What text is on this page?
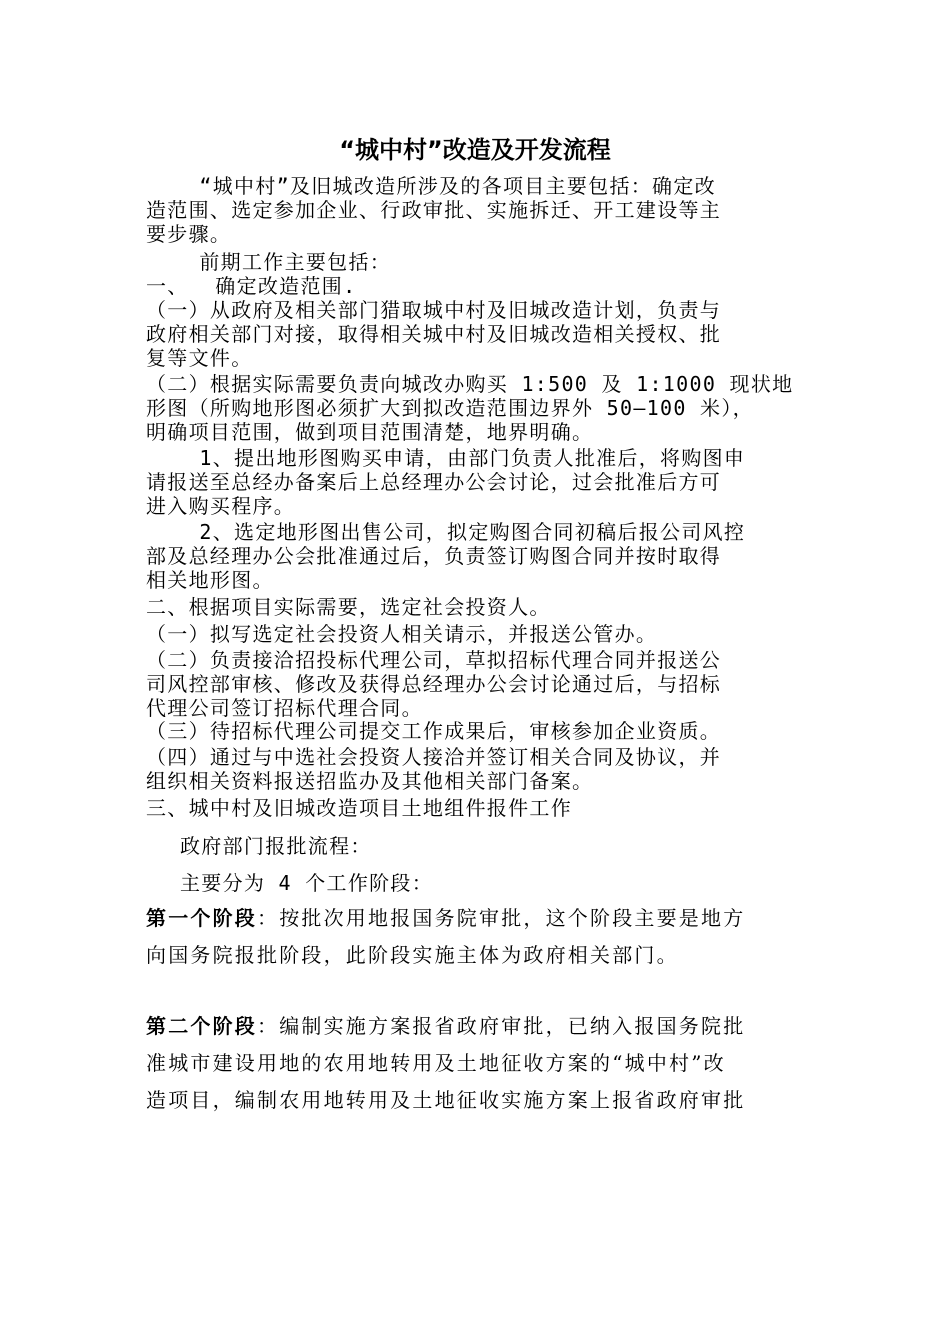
“城中村”改造及开发流程
“城中村”及旧城改造所涉及的各项目主要包括：确定改
造范围、选定参加企业、行政审批、实施拆迁、开工建设等主
要步骤。
前期工作主要包括：
一、  确定改造范围.
（一）从政府及相关部门猎取城中村及旧城改造计划，负责与
政府相关部门对接，取得相关城中村及旧城改造相关授权、批
复等文件。
（二）根据实际需要负责向城改办购买 1:500 及 1:1000 现状地
形图（所购地形图必须扩大到拟改造范围边界外 50—100 米），
明确项目范围，做到项目范围清楚，地界明确。
1、提出地形图购买申请，由部门负责人批准后，将购图申
请报送至总经办备案后上总经理办公会讨论，过会批准后方可
进入购买程序。
2、选定地形图出售公司，拟定购图合同初稿后报公司风控
部及总经理办公会批准通过后，负责签订购图合同并按时取得
相关地形图。
二、根据项目实际需要，选定社会投资人。
（一）拟写选定社会投资人相关请示，并报送公管办。
（二）负责接洽招投标代理公司，草拟招标代理合同并报送公
司风控部审核、修改及获得总经理办公会讨论通过后，与招标
代理公司签订招标代理合同。
（三）待招标代理公司提交工作成果后，审核参加企业资质。
（四）通过与中选社会投资人接洽并签订相关合同及协议，并
组织相关资料报送招监办及其他相关部门备案。
三、城中村及旧城改造项目土地组件报件工作
政府部门报批流程：
主要分为 4 个工作阶段：
第一个阶段：按批次用地报国务院审批，这个阶段主要是地方
向国务院报批阶段，此阶段实施主体为政府相关部门。
第二个阶段：编制实施方案报省政府审批，已纳入报国务院批
准城市建设用地的农用地转用及土地征收方案的“城中村”改
造项目，编制农用地转用及土地征收实施方案上报省政府审批
